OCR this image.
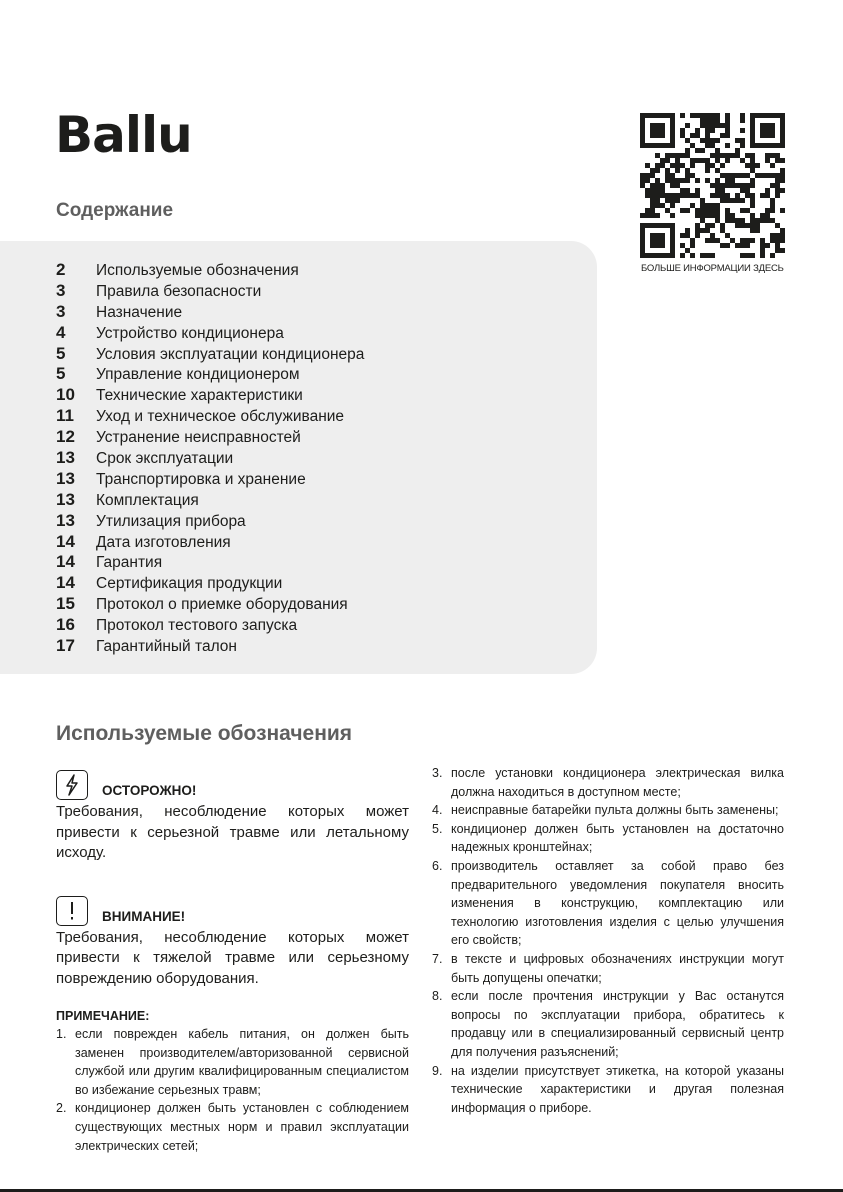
Ballu
Содержание
2	Используемые обозначения
3	Правила безопасности
3	Назначение
4	Устройство кондиционера
5	Условия эксплуатации кондиционера
5	Управление кондиционером
10	Технические характеристики
11	Уход и техническое обслуживание
12	Устранение неисправностей
13	Срок эксплуатации
13	Транспортировка и хранение
13	Комплектация
13	Утилизация прибора
14	Дата изготовления
14	Гарантия
14	Сертификация продукции
15	Протокол о приемке оборудования
16	Протокол тестового запуска
17	Гарантийный талон
БОЛЬШЕ ИНФОРМАЦИИ ЗДЕСЬ
Используемые обозначения
ОСТОРОЖНО!

Требования, несоблюдение которых может привести к серьезной травме или летальному исходу.

ВНИМАНИЕ!

Требования, несоблюдение которых может привести к тяжелой травме или серьезному повреждению оборудования.

ПРИМЕЧАНИЕ:

1. если поврежден кабель питания, он должен быть заменен производителем/авторизованной сервисной службой или другим квалифицированным специалистом во избежание серьезных травм;
2. кондиционер должен быть установлен с соблюдением существующих местных норм и правил эксплуатации электрических сетей;
3. после установки кондиционера электрическая вилка должна находиться в доступном месте;
4. неисправные батарейки пульта должны быть заменены;
5. кондиционер должен быть установлен на достаточно надежных кронштейнах;
6. производитель оставляет за собой право без предварительного уведомления покупателя вносить изменения в конструкцию, комплектацию или технологию изготовления изделия с целью улучшения его свойств;
7. в тексте и цифровых обозначениях инструкции могут быть допущены опечатки;
8. если после прочтения инструкции у Вас останутся вопросы по эксплуатации прибора, обратитесь к продавцу или в специализированный сервисный центр для получения разъяснений;
9. на изделии присутствует этикетка, на которой указаны технические характеристики и другая полезная информация о приборе.
